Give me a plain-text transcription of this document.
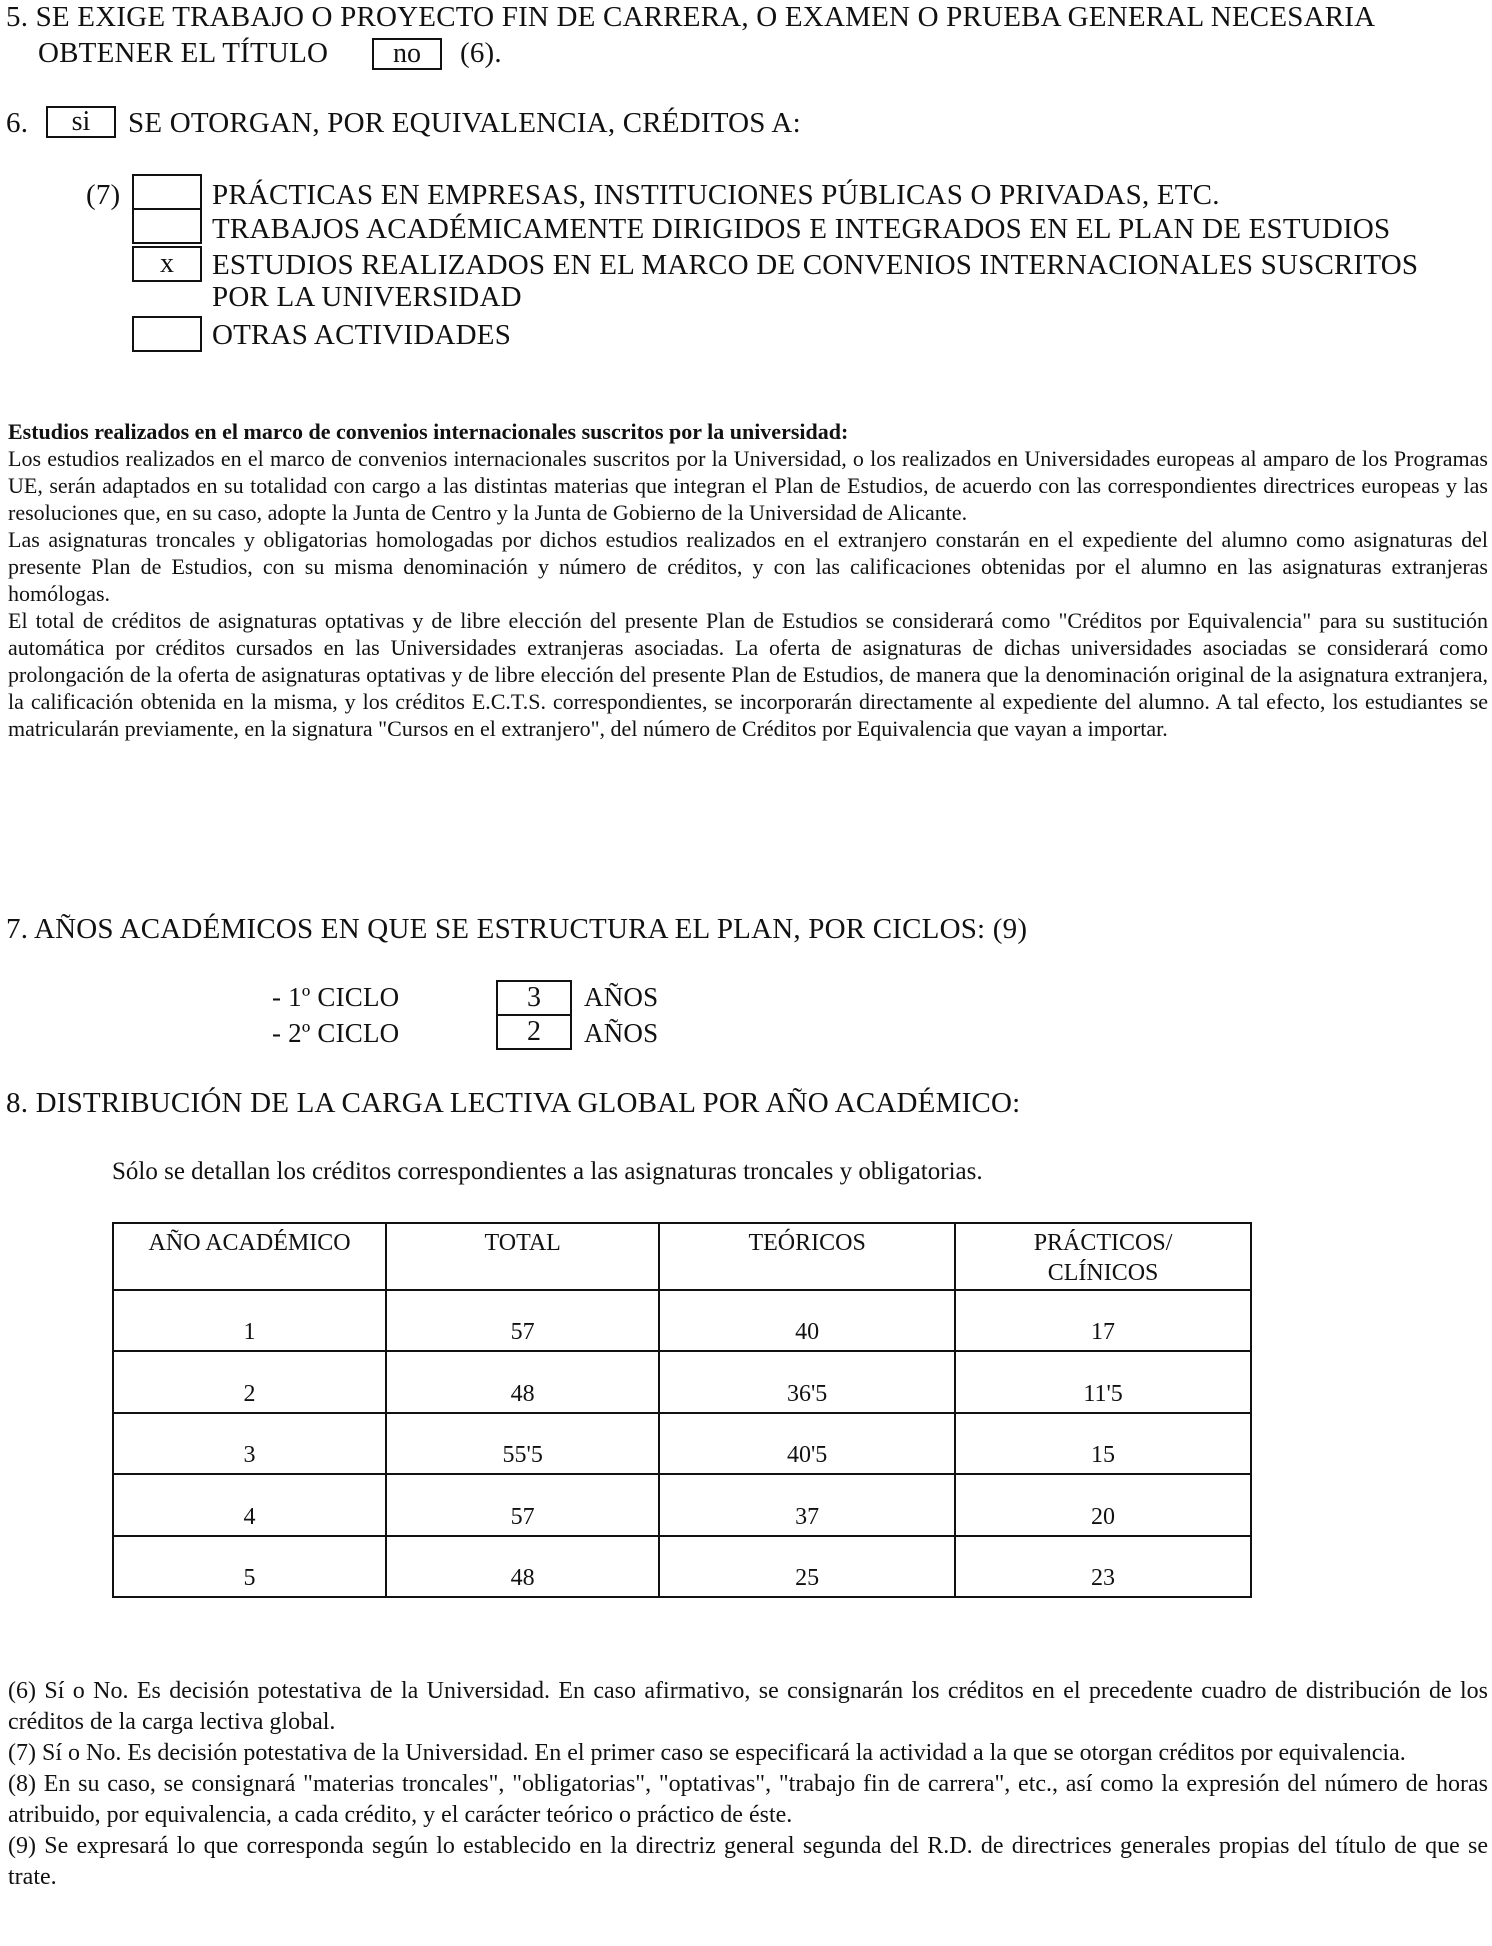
5. SE EXIGE TRABAJO O PROYECTO FIN DE CARRERA, O EXAMEN O PRUEBA GENERAL NECESARIA
OBTENER EL TÍTULO	no	(6).
6.	si	SE OTORGAN, POR EQUIVALENCIA, CRÉDITOS A:
(7)	PRÁCTICAS EN EMPRESAS, INSTITUCIONES PÚBLICAS O PRIVADAS, ETC.
TRABAJOS ACADÉMICAMENTE DIRIGIDOS E INTEGRADOS EN EL PLAN DE ESTUDIOS
x	ESTUDIOS REALIZADOS EN EL MARCO DE CONVENIOS INTERNACIONALES SUSCRITOS
POR LA UNIVERSIDAD
OTRAS ACTIVIDADES
Estudios realizados en el marco de convenios internacionales suscritos por la universidad:
Los estudios realizados en el marco de convenios internacionales suscritos por la Universidad, o los realizados en Universidades europeas al amparo de los Programas UE, serán adaptados en su totalidad con cargo a las distintas materias que integran el Plan de Estudios, de acuerdo con las correspondientes directrices europeas y las resoluciones que, en su caso, adopte la Junta de Centro y la Junta de Gobierno de la Universidad de Alicante.
Las asignaturas troncales y obligatorias homologadas por dichos estudios realizados en el extranjero constarán en el expediente del alumno como asignaturas del presente Plan de Estudios, con su misma denominación y número de créditos, y con las calificaciones obtenidas por el alumno en las asignaturas extranjeras homólogas.
El total de créditos de asignaturas optativas y de libre elección del presente Plan de Estudios se considerará como "Créditos por Equivalencia" para su sustitución automática por créditos cursados en las Universidades extranjeras asociadas. La oferta de asignaturas de dichas universidades asociadas se considerará como prolongación de la oferta de asignaturas optativas y de libre elección del presente Plan de Estudios, de manera que la denominación original de la asignatura extranjera, la calificación obtenida en la misma, y los créditos E.C.T.S. correspondientes, se incorporarán directamente al expediente del alumno. A tal efecto, los estudiantes se matricularán previamente, en la signatura "Cursos en el extranjero", del número de Créditos por Equivalencia que vayan a importar.
7. AÑOS ACADÉMICOS EN QUE SE ESTRUCTURA EL PLAN, POR CICLOS: (9)
- 1º CICLO	3	AÑOS
- 2º CICLO	2	AÑOS
8. DISTRIBUCIÓN DE LA CARGA LECTIVA GLOBAL POR AÑO ACADÉMICO:
Sólo se detallan los créditos correspondientes a las asignaturas troncales y obligatorias.
AÑO ACADÉMICO	TOTAL	TEÓRICOS	PRÁCTICOS/
CLÍNICOS
1	57	40	17
2	48	36'5	11'5
3	55'5	40'5	15
4	57	37	20
5	48	25	23
(6) Sí o No. Es decisión potestativa de la Universidad. En caso afirmativo, se consignarán los créditos en el precedente cuadro de distribución de los créditos de la carga lectiva global.
(7) Sí o No. Es decisión potestativa de la Universidad. En el primer caso se especificará la actividad a la que se otorgan créditos por equivalencia.
(8) En su caso, se consignará "materias troncales", "obligatorias", "optativas", "trabajo fin de carrera", etc., así como la expresión del número de horas atribuido, por equivalencia, a cada crédito, y el carácter teórico o práctico de éste.
(9) Se expresará lo que corresponda según lo establecido en la directriz general segunda del R.D. de directrices generales propias del título de que se trate.
